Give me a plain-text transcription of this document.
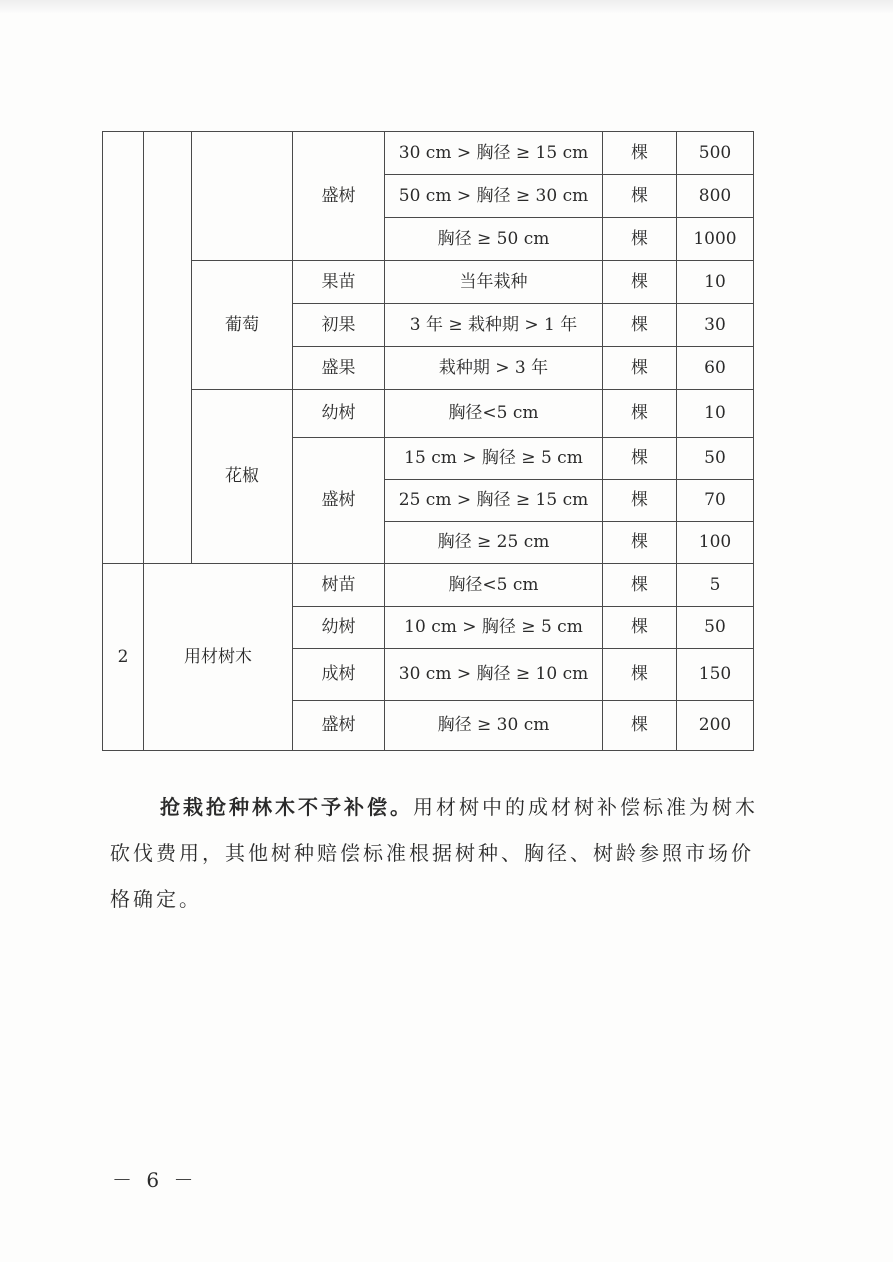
			盛树	30 cm > 胸径 ≥ 15 cm	棵	500
				50 cm > 胸径 ≥ 30 cm	棵	800
				胸径 ≥ 50 cm	棵	1000
		葡萄	果苗	当年栽种	棵	10
			初果	3 年 ≥ 栽种期 > 1 年	棵	30
			盛果	栽种期 > 3 年	棵	60
		花椒	幼树	胸径<5 cm	棵	10
			盛树	15 cm > 胸径 ≥ 5 cm	棵	50
				25 cm > 胸径 ≥ 15 cm	棵	70
				胸径 ≥ 25 cm	棵	100
2	用材树木		树苗	胸径<5 cm	棵	5
			幼树	10 cm > 胸径 ≥ 5 cm	棵	50
			成树	30 cm > 胸径 ≥ 10 cm	棵	150
			盛树	胸径 ≥ 30 cm	棵	200

抢栽抢种林木不予补偿。用材树中的成材树补偿标准为树木砍伐费用，其他树种赔偿标准根据树种、胸径、树龄参照市场价格确定。

－ 6 －
